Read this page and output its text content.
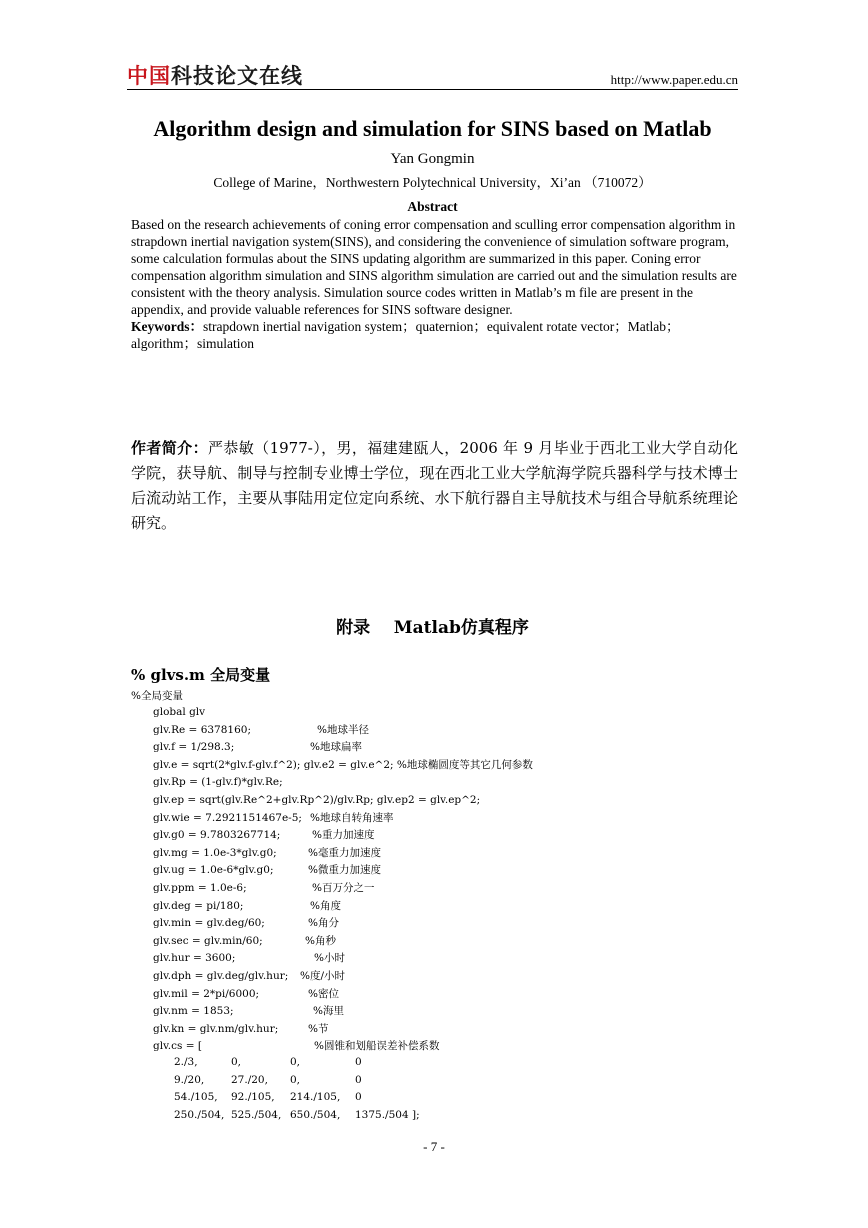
中国科技论文在线	http://www.paper.edu.cn
Algorithm design and simulation for SINS based on Matlab
Yan Gongmin
College of Marine，Northwestern Polytechnical University，Xi’an （710072）
Abstract

Based on the research achievements of coning error compensation and sculling error compensation algorithm in strapdown inertial navigation system(SINS), and considering the convenience of simulation software program, some calculation formulas about the SINS updating algorithm are summarized in this paper. Coning error compensation algorithm simulation and SINS algorithm simulation are carried out and the simulation results are consistent with the theory analysis. Simulation source codes written in Matlab’s m file are present in the appendix, and provide valuable references for SINS software designer.

Keywords：strapdown inertial navigation system；quaternion；equivalent rotate vector；Matlab；algorithm；simulation

作者简介：严恭敏（1977-），男，福建建瓯人，2006 年 9 月毕业于西北工业大学自动化学院，获导航、制导与控制专业博士学位，现在西北工业大学航海学院兵器科学与技术博士后流动站工作，主要从事陆用定位定向系统、水下航行器自主导航技术与组合导航系统理论研究。
附录    Matlab仿真程序
% glvs.m 全局变量
%全局变量
global glv
glv.Re = 6378160;	%地球半径
glv.f = 1/298.3;	%地球扁率
glv.e = sqrt(2*glv.f-glv.f^2); glv.e2 = glv.e^2; %地球椭圆度等其它几何参数
glv.Rp = (1-glv.f)*glv.Re;
glv.ep = sqrt(glv.Re^2+glv.Rp^2)/glv.Rp; glv.ep2 = glv.ep^2;
glv.wie = 7.2921151467e-5; %地球自转角速率
glv.g0 = 9.7803267714;	%重力加速度
glv.mg = 1.0e-3*glv.g0;	%毫重力加速度
glv.ug = 1.0e-6*glv.g0;	%微重力加速度
glv.ppm = 1.0e-6;	%百万分之一
glv.deg = pi/180;	%角度
glv.min = glv.deg/60;	%角分
glv.sec = glv.min/60;	%角秒
glv.hur = 3600;	%小时
glv.dph = glv.deg/glv.hur; %度/小时
glv.mil = 2*pi/6000;	%密位
glv.nm = 1853;	%海里
glv.kn = glv.nm/glv.hur;	%节
glv.cs = [	%圆锥和划船误差补偿系数
2./3,	0,	0,	0
9./20,	27./20, 0,	0
54./105, 92./105, 214./105, 0
250./504, 525./504, 650./504, 1375./504 ];
- 7 -
